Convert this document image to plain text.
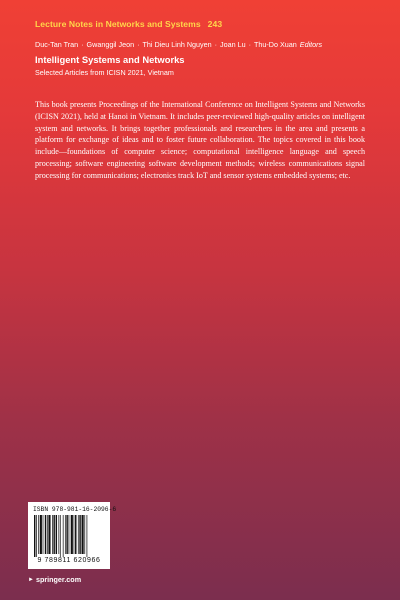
Lecture Notes in Networks and Systems 243
Duc-Tan Tran · Gwanggil Jeon · Thi Dieu Linh Nguyen · Joan Lu · Thu-Do Xuan Editors
Intelligent Systems and Networks
Selected Articles from ICISN 2021, Vietnam

This book presents Proceedings of the International Conference on Intelligent Systems and Networks (ICISN 2021), held at Hanoi in Vietnam. It includes peer-reviewed high-quality articles on intelligent system and networks. It brings together professionals and researchers in the area and presents a platform for exchange of ideas and to foster future collaboration. The topics covered in this book include—foundations of computer science; computational intelligence language and speech processing; software engineering software development methods; wireless communications signal processing for communications; electronics track IoT and sensor systems embedded systems; etc.

ISBN 978-981-16-2096-6
9 789811 620966
► springer.com
